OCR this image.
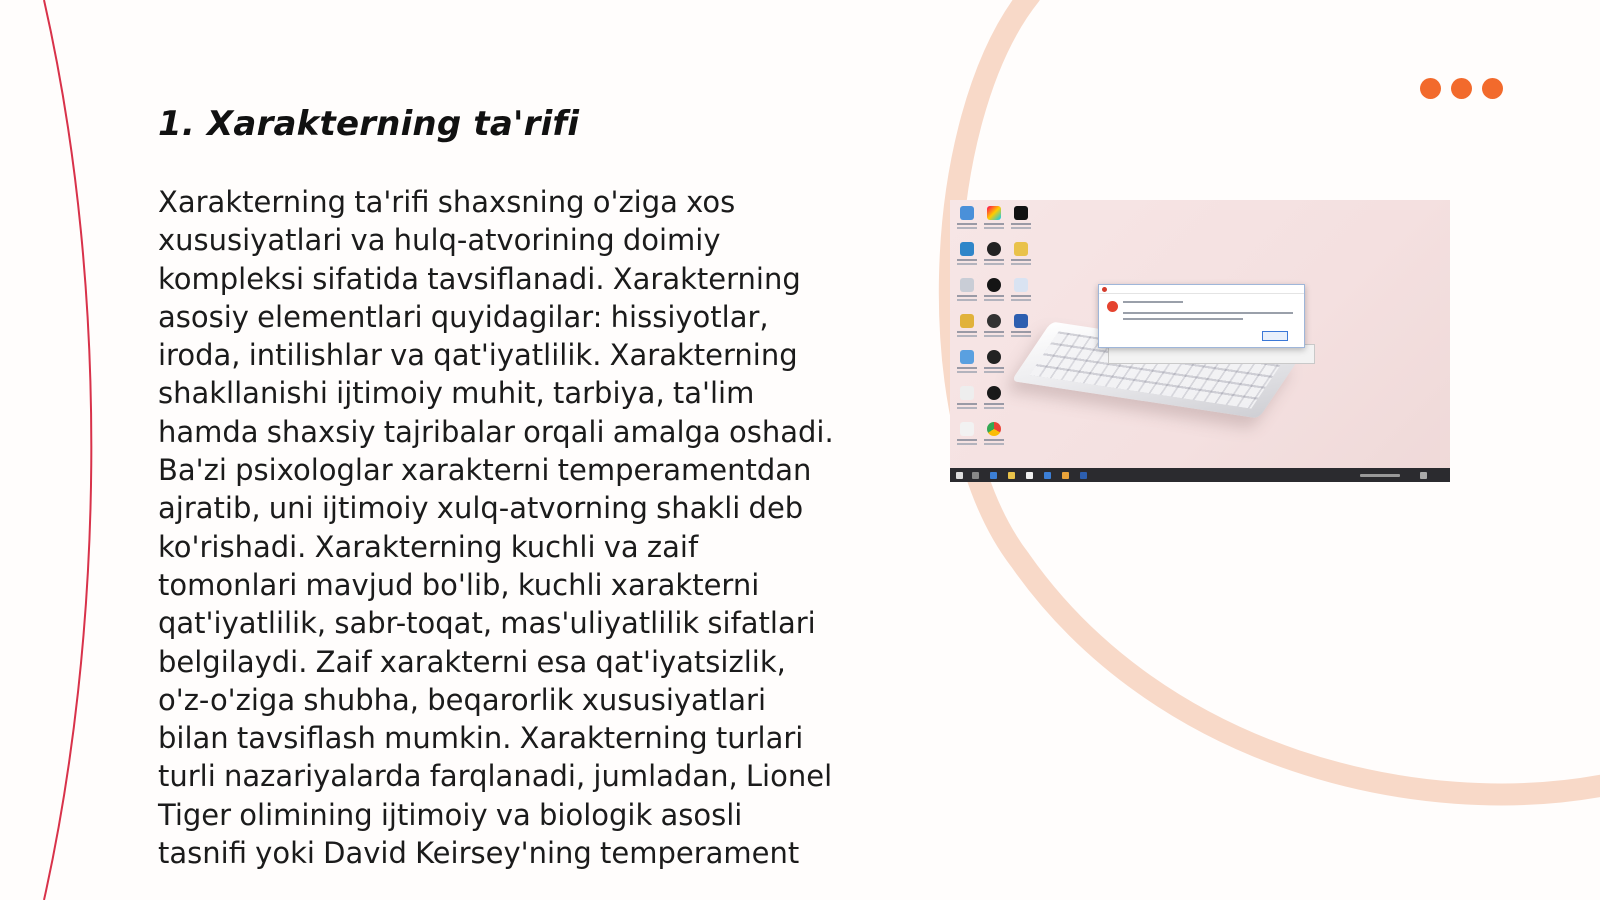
1. Xarakterning ta'rifi

Xarakterning ta'rifi shaxsning o'ziga xos xususiyatlari va hulq-atvorining doimiy kompleksi sifatida tavsiflanadi. Xarakterning asosiy elementlari quyidagilar: hissiyotlar, iroda, intilishlar va qat'iyatlilik. Xarakterning shakllanishi ijtimoiy muhit, tarbiya, ta'lim hamda shaxsiy tajribalar orqali amalga oshadi. Ba'zi psixologlar xarakterni temperamentdan ajratib, uni ijtimoiy xulq-atvorning shakli deb ko'rishadi. Xarakterning kuchli va zaif tomonlari mavjud bo'lib, kuchli xarakterni qat'iyatlilik, sabr-toqat, mas'uliyatlilik sifatlari belgilaydi. Zaif xarakterni esa qat'iyatsizlik, o'z-o'ziga shubha, beqarorlik xususiyatlari bilan tavsiflash mumkin. Xarakterning turlari turli nazariyalarda farqlanadi, jumladan, Lionel Tiger olimining ijtimoiy va biologik asosli tasnifi yoki David Keirsey'ning temperament
